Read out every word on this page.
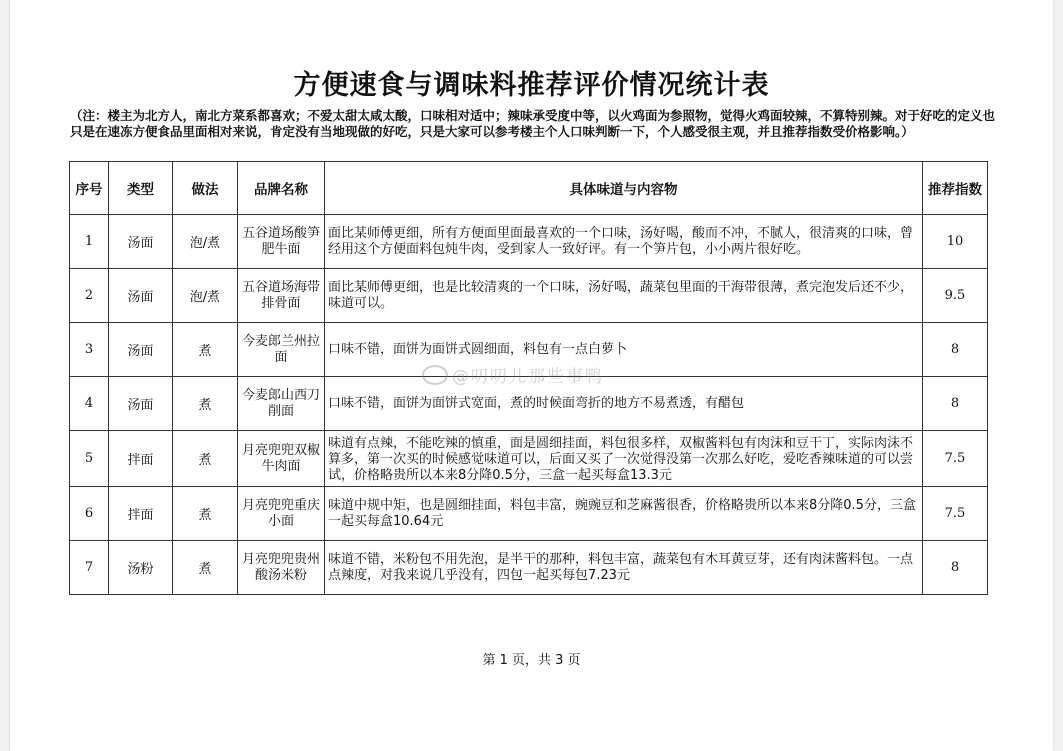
方便速食与调味料推荐评价情况统计表
（注：楼主为北方人，南北方菜系都喜欢；不爱太甜太咸太酸，口味相对适中；辣味承受度中等，以火鸡面为参照物，觉得火鸡面较辣，不算特别辣。对于好吃的定义也只是在速冻方便食品里面相对来说，肯定没有当地现做的好吃，只是大家可以参考楼主个人口味判断一下，个人感受很主观，并且推荐指数受价格影响。）
序号	类型	做法	品牌名称	具体味道与内容物	推荐指数
1	汤面	泡/煮	五谷道场酸笋肥牛面	面比某师傅更细，所有方便面里面最喜欢的一个口味，汤好喝，酸而不冲，不腻人，很清爽的口味，曾经用这个方便面料包炖牛肉，受到家人一致好评。有一个笋片包，小小两片很好吃。	10
2	汤面	泡/煮	五谷道场海带排骨面	面比某师傅更细，也是比较清爽的一个口味，汤好喝，蔬菜包里面的干海带很薄，煮完泡发后还不少，味道可以。	9.5
3	汤面	煮	今麦郎兰州拉面	口味不错，面饼为面饼式圆细面，料包有一点白萝卜	8
4	汤面	煮	今麦郎山西刀削面	口味不错，面饼为面饼式宽面，煮的时候面弯折的地方不易煮透，有醋包	8
5	拌面	煮	月亮兜兜双椒牛肉面	味道有点辣，不能吃辣的慎重，面是圆细挂面，料包很多样，双椒酱料包有肉沫和豆干丁，实际肉沫不算多，第一次买的时候感觉味道可以，后面又买了一次觉得没第一次那么好吃，爱吃香辣味道的可以尝试，价格略贵所以本来8分降0.5分，三盒一起买每盒13.3元	7.5
6	拌面	煮	月亮兜兜重庆小面	味道中规中矩，也是圆细挂面，料包丰富，豌豌豆和芝麻酱很香，价格略贵所以本来8分降0.5分，三盒一起买每盒10.64元	7.5
7	汤粉	煮	月亮兜兜贵州酸汤米粉	味道不错，米粉包不用先泡，是半干的那种，料包丰富，蔬菜包有木耳黄豆芽，还有肉沫酱料包。一点点辣度，对我来说几乎没有，四包一起买每包7.23元	8
@叨叨儿那些事鸭
第 1 页，共 3 页
